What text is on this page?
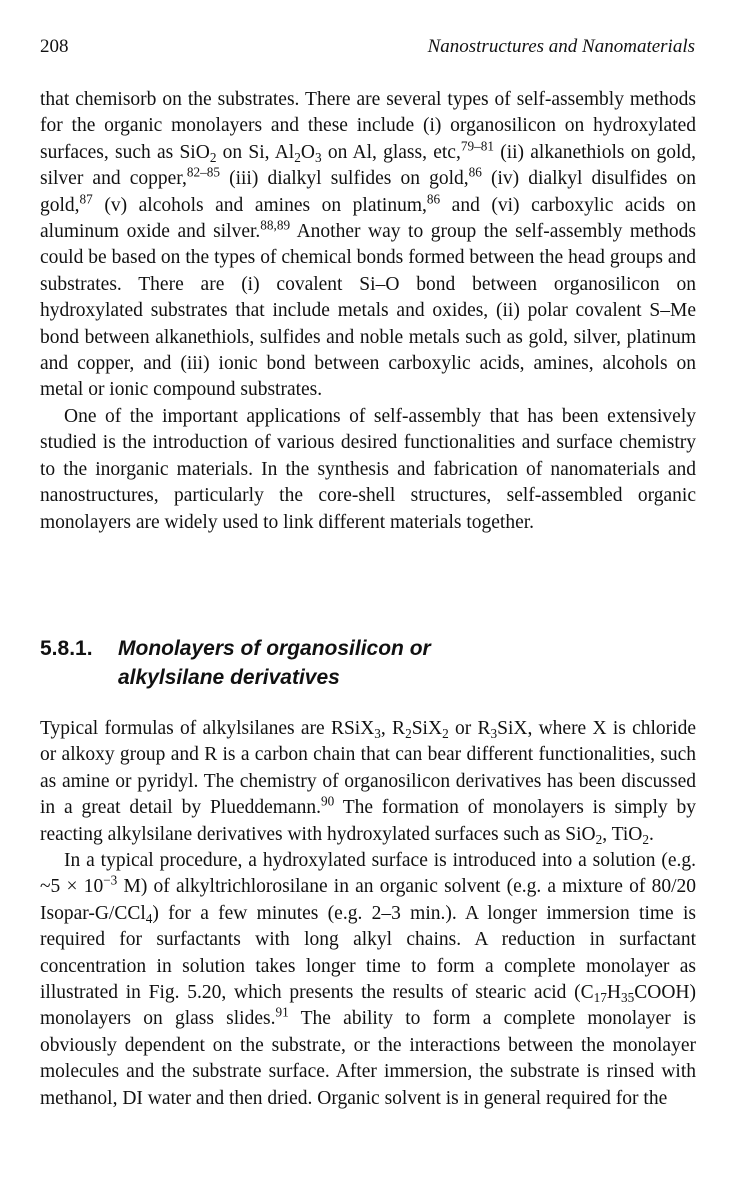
208	Nanostructures and Nanomaterials

that chemisorb on the substrates. There are several types of self-assembly methods for the organic monolayers and these include (i) organosilicon on hydroxylated surfaces, such as SiO$_2$ on Si, $Al_2O_3$ on Al, glass, etc,$^{79-81}$ (ii) alkanethiols on gold, silver and copper,$^{82-85}$ (iii) dialkyl sulfides on gold,$^{86}$ (iv) dialkyl disulfides on gold,$^{87}$ (v) alcohols and amines on platinum,$^{86}$ and (vi) carboxylic acids on aluminum oxide and silver.$^{88,89}$ Another way to group the self-assembly methods could be based on the types of chemical bonds formed between the head groups and substrates. There are (i) covalent Si–O bond between organosilicon on hydroxylated substrates that include metals and oxides, (ii) polar covalent S–Me bond between alkanethiols, sulfides and noble metals such as gold, silver, platinum and copper, and (iii) ionic bond between carboxylic acids, amines, alcohols on metal or ionic compound substrates.

One of the important applications of self-assembly that has been extensively studied is the introduction of various desired functionalities and surface chemistry to the inorganic materials. In the synthesis and fabrication of nanomaterials and nanostructures, particularly the core-shell structures, self-assembled organic monolayers are widely used to link different materials together.

5.8.1. Monolayers of organosilicon or
alkylsilane derivatives

Typical formulas of alkylsilanes are RSiX$_3$, $R_2SiX_2$ or $R_3SiX$, where X is chloride or alkoxy group and R is a carbon chain that can bear different functionalities, such as amine or pyridyl. The chemistry of organosilicon derivatives has been discussed in a great detail by Plueddemann.$^{90}$ The formation of monolayers is simply by reacting alkylsilane derivatives with hydroxylated surfaces such as SiO$_2$, TiO$_2$.

In a typical procedure, a hydroxylated surface is introduced into a solution (e.g. ~5 × $10^{-3}$ M) of alkyltrichlorosilane in an organic solvent (e.g. a mixture of 80/20 Isopar-G/CCl$_4$) for a few minutes (e.g. 2–3 min.). A longer immersion time is required for surfactants with long alkyl chains. A reduction in surfactant concentration in solution takes longer time to form a complete monolayer as illustrated in Fig. 5.20, which presents the results of stearic acid $(C_{17}H_{35}COOH)$ monolayers on glass slides.$^{91}$ The ability to form a complete monolayer is obviously dependent on the substrate, or the interactions between the monolayer molecules and the substrate surface. After immersion, the substrate is rinsed with methanol, DI water and then dried. Organic solvent is in general required for the
